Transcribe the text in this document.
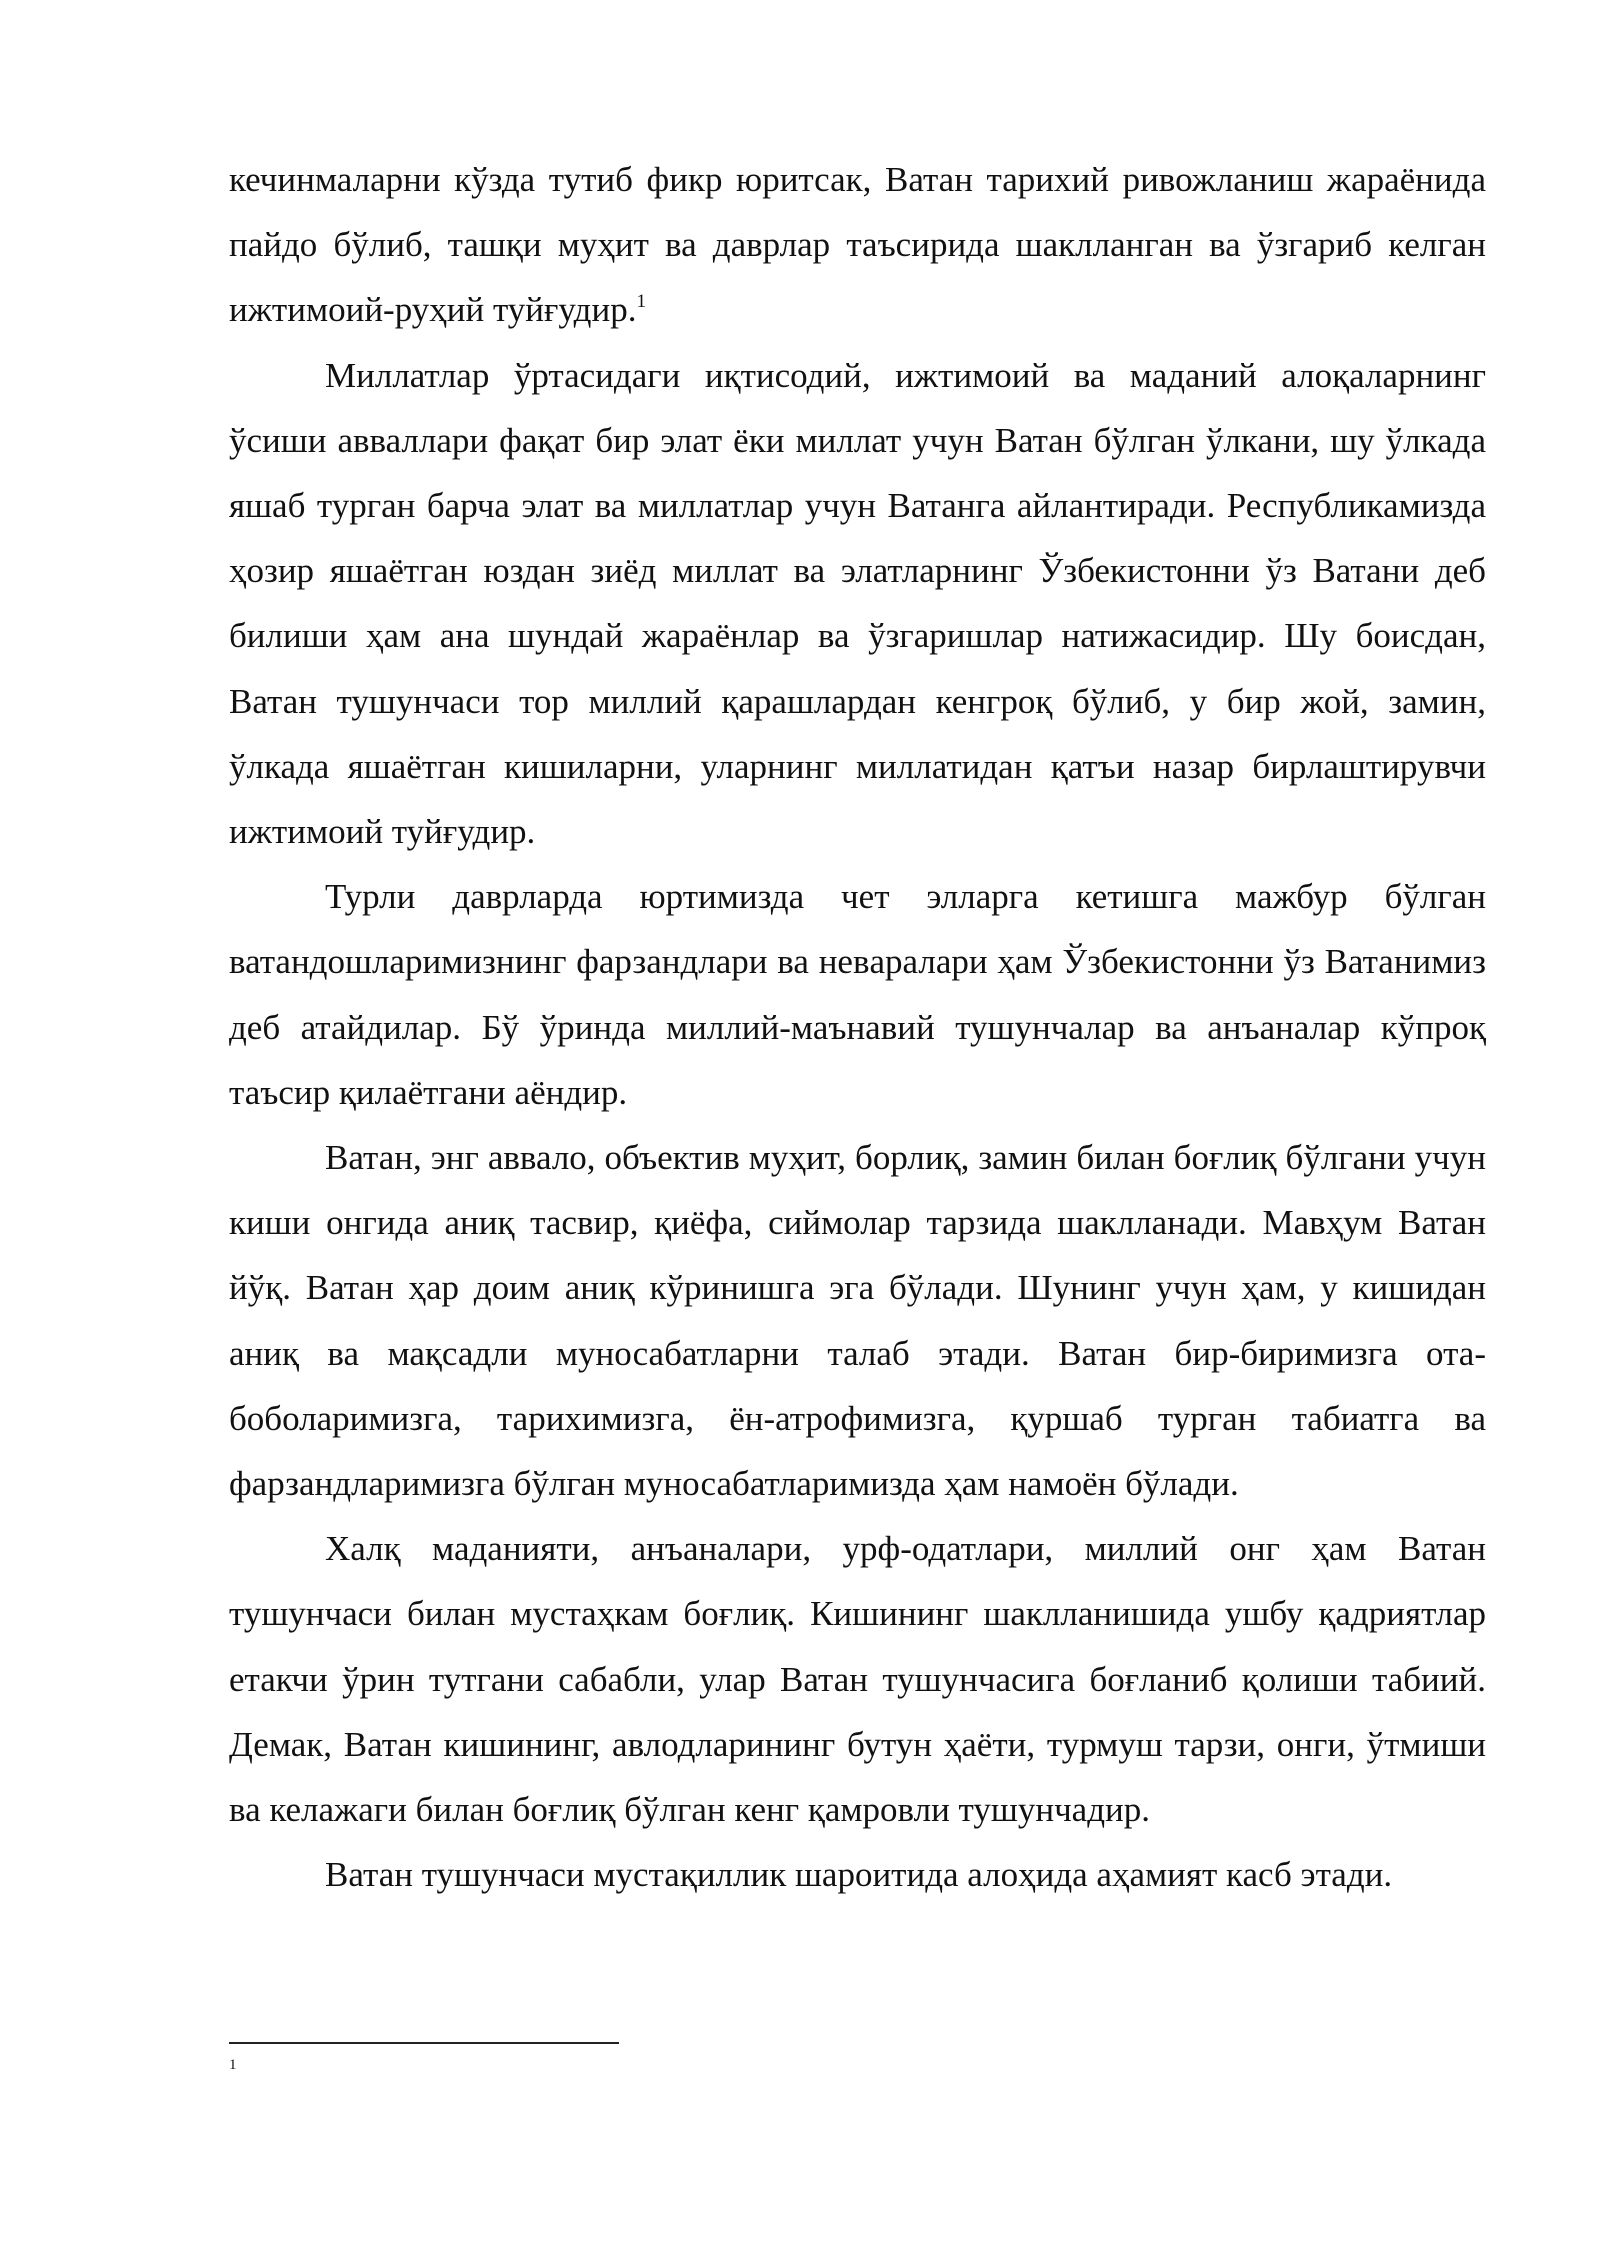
кечинмаларни кўзда тутиб фикр юритсак, Ватан тарихий ривожланиш жараёнида пайдо бўлиб, ташқи муҳит ва даврлар таъсирида шаклланган ва ўзгариб келган ижтимоий-руҳий туйғудир.$^1$

Миллатлар ўртасидаги иқтисодий, ижтимоий ва маданий алоқаларнинг ўсиши авваллари фақат бир элат ёки миллат учун Ватан бўлган ўлкани, шу ўлкада яшаб турган барча элат ва миллатлар учун Ватанга айлантиради. Республикамизда ҳозир яшаётган юздан зиёд миллат ва элатларнинг Ўзбекистонни ўз Ватани деб билиши ҳам ана шундай жараёнлар ва ўзгаришлар натижасидир. Шу боисдан, Ватан тушунчаси тор миллий қарашлардан кенгроқ бўлиб, у бир жой, замин, ўлкада яшаётган кишиларни, уларнинг миллатидан қатъи назар бирлаштирувчи ижтимоий туйғудир.

Турли даврларда юртимизда чет элларга кетишга мажбур бўлган ватандошларимизнинг фарзандлари ва невaралари ҳам Ўзбекистонни ўз Ватанимиз деб атайдилар. Бў ўринда миллий-маънавий тушунчалар ва анъаналар кўпроқ таъсир қилаётгани аёндир.

Ватан, энг аввало, объектив муҳит, борлиқ, замин билан боғлиқ бўлгани учун киши онгида аниқ тасвир, қиёфа, сиймолар тарзида шаклланади. Мавҳум Ватан йўқ. Ватан ҳар доим аниқ кўринишга эга бўлади. Шунинг учун ҳам, у кишидан аниқ ва мақсадли муносабатларни талаб этади. Ватан бир-биримизга ота-боболаримизга, тарихимизга, ён-атрофимизга, қуршаб турган табиатга ва фарзандларимизга бўлган муносабатларимизда ҳам намоён бўлади.

Халқ маданияти, анъаналари, урф-одатлари, миллий онг ҳам Ватан тушунчаси билан мустаҳкам боғлиқ. Кишининг шаклланишида ушбу қадриятлар етакчи ўрин тутгани сабабли, улар Ватан тушунчасига боғланиб қолиши табиий. Демак, Ватан кишининг, авлодларининг бутун ҳаёти, турмуш тарзи, онги, ўтмиши ва келажаги билан боғлиқ бўлган кенг қамровли тушунчадир.

Ватан тушунчаси мустақиллик шароитида алоҳида аҳамият касб этади.

1
